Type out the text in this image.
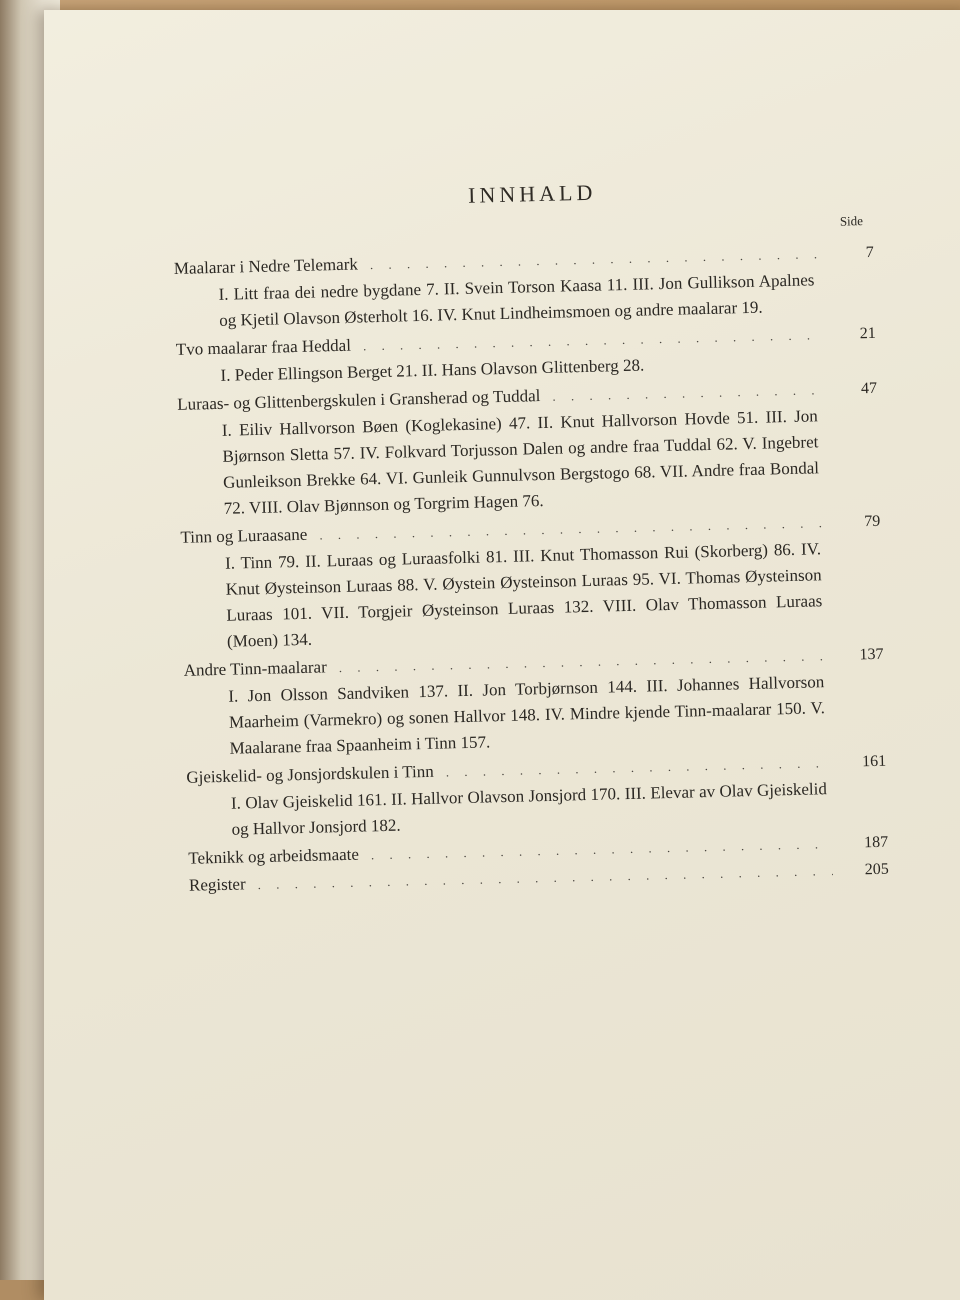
INNHALD
Side
Maalarar i Nedre Telemark
. . .
7
I. Litt fraa dei nedre bygdane 7. II. Svein Torson Kaasa 11. III. Jon Gullikson Apalnes og Kjetil Olavson Østerholt 16. IV. Knut Lindheimsmoen og andre maalarar 19.
Tvo maalarar fraa Heddal
. . .
21
I. Peder Ellingson Berget 21. II. Hans Olavson Glittenberg 28.
Luraas- og Glittenbergskulen i Gransherad og Tuddal
. . .	47
I. Eiliv Hallvorson Bøen (Koglekasine) 47. II. Knut Hallvorson Hovde 51. III. Jon Bjørnson Sletta 57. IV. Folkvard Torjusson Dalen og andre fraa Tuddal 62. V. Ingebret Gunleikson Brekke 64. VI. Gunleik Gunnulvson Bergstogo 68. VII. Andre fraa Bondal 72. VIII. Olav Bjønnson og Torgrim Hagen 76.
Tinn og Luraasane
. . .
79
I. Tinn 79. II. Luraas og Luraasfolki 81. III. Knut Thomasson Rui (Skorberg) 86. IV. Knut Øysteinson Luraas 88. V. Øystein Øysteinson Luraas 95. VI. Thomas Øysteinson Luraas 101. VII. Torgjeir Øysteinson Luraas 132. VIII. Olav Thomasson Luraas (Moen) 134.
Andre Tinn-maalarar
. . .
137
I. Jon Olsson Sandviken 137. II. Jon Torbjørnson 144. III. Johannes Hallvorson Maarheim (Varmekro) og sonen Hallvor 148. IV. Mindre kjende Tinn-maalarar 150. V. Maalarane fraa Spaanheim i Tinn 157.
Gjeiskelid- og Jonsjordskulen i Tinn
. . .
161
I. Olav Gjeiskelid 161. II. Hallvor Olavson Jonsjord 170. III. Elevar av Olav Gjeiskelid og Hallvor Jonsjord 182.
Teknikk og arbeidsmaate
. . .
187
Register
. . .
205
